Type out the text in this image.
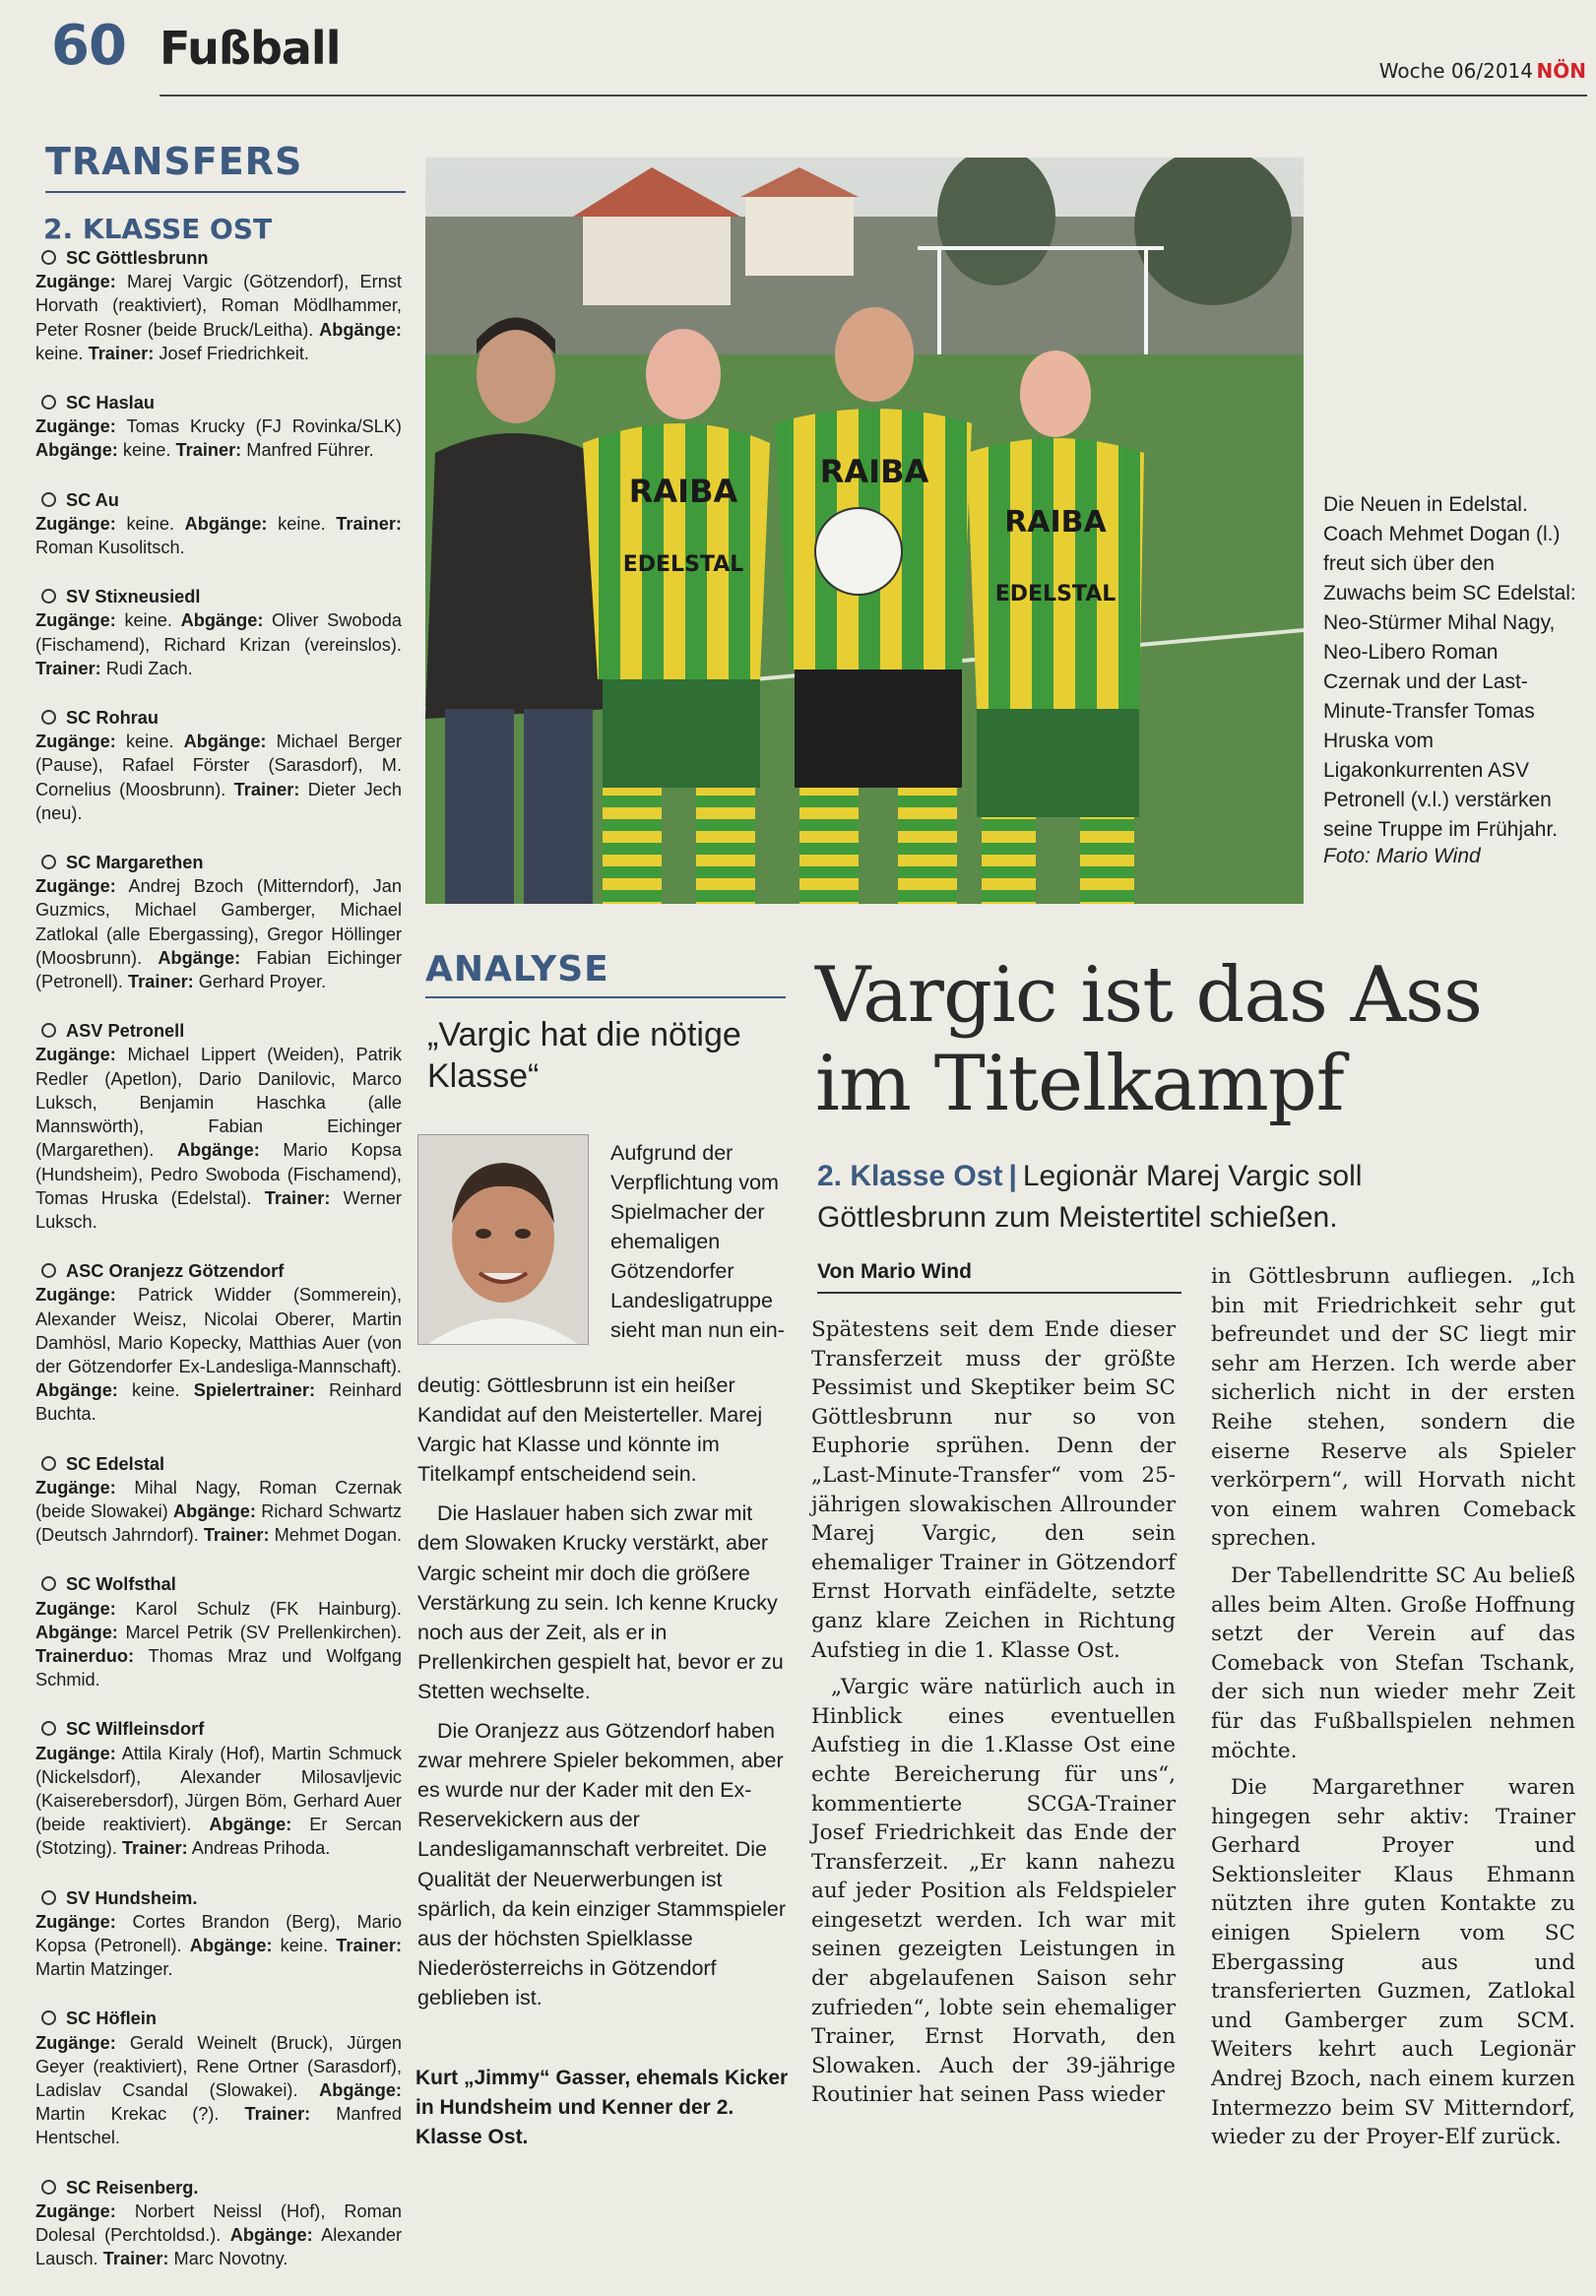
60 Fußball	Woche 06/2014 NÖN
TRANSFERS
2. KLASSE OST
SC Göttlesbrunn
Zugänge: Marej Vargic (Götzendorf), Ernst Horvath (reaktiviert), Roman Mödlhammer, Peter Rosner (beide Bruck/Leitha). Abgänge: keine. Trainer: Josef Friedrichkeit.
SC Haslau
Zugänge: Tomas Krucky (FJ Rovinka/SLK) Abgänge: keine. Trainer: Manfred Führer.
SC Au
Zugänge: keine. Abgänge: keine. Trainer: Roman Kusolitsch.
SV Stixneusiedl
Zugänge: keine. Abgänge: Oliver Swoboda (Fischamend), Richard Krizan (vereinslos). Trainer: Rudi Zach.
SC Rohrau
Zugänge: keine. Abgänge: Michael Berger (Pause), Rafael Förster (Sarasdorf), M. Cornelius (Moosbrunn). Trainer: Dieter Jech (neu).
SC Margarethen
Zugänge: Andrej Bzoch (Mitterndorf), Jan Guzmics, Michael Gamberger, Michael Zatlokal (alle Ebergassing), Gregor Höllinger (Moosbrunn). Abgänge: Fabian Eichinger (Petronell). Trainer: Gerhard Proyer.
ASV Petronell
Zugänge: Michael Lippert (Weiden), Patrik Redler (Apetlon), Dario Danilovic, Marco Luksch, Benjamin Haschka (alle Mannswörth), Fabian Eichinger (Margarethen). Abgänge: Mario Kopsa (Hundsheim), Pedro Swoboda (Fischamend), Tomas Hruska (Edelstal). Trainer: Werner Luksch.
ASC Oranjezz Götzendorf
Zugänge: Patrick Widder (Sommerein), Alexander Weisz, Nicolai Oberer, Martin Damhösl, Mario Kopecky, Matthias Auer (von der Götzendorfer Ex-Landesliga-Mannschaft). Abgänge: keine. Spielertrainer: Reinhard Buchta.
SC Edelstal
Zugänge: Mihal Nagy, Roman Czernak (beide Slowakei) Abgänge: Richard Schwartz (Deutsch Jahrndorf). Trainer: Mehmet Dogan.
SC Wolfsthal
Zugänge: Karol Schulz (FK Hainburg). Abgänge: Marcel Petrik (SV Prellenkirchen). Trainerduo: Thomas Mraz und Wolfgang Schmid.
SC Wilfleinsdorf
Zugänge: Attila Kiraly (Hof), Martin Schmuck (Nickelsdorf), Alexander Milosavljevic (Kaiserebersdorf), Jürgen Böm, Gerhard Auer (beide reaktiviert). Abgänge: Er Sercan (Stotzing). Trainer: Andreas Prihoda.
SV Hundsheim.
Zugänge: Cortes Brandon (Berg), Mario Kopsa (Petronell). Abgänge: keine. Trainer: Martin Matzinger.
SC Höflein
Zugänge: Gerald Weinelt (Bruck), Jürgen Geyer (reaktiviert), Rene Ortner (Sarasdorf), Ladislav Csandal (Slowakei). Abgänge: Martin Krekac (?). Trainer: Manfred Hentschel.
SC Reisenberg.
Zugänge: Norbert Neissl (Hof), Roman Dolesal (Perchtoldsd.). Abgänge: Alexander Lausch. Trainer: Marc Novotny.
RAIBA
EDELSTAL
RAIBA
RAIBA
EDELSTAL
Die Neuen in Edelstal. Coach Mehmet Dogan (l.) freut sich über den Zuwachs beim SC Edelstal: Neo-Stürmer Mihal Nagy, Neo-Libero Roman Czernak und der Last-Minute-Transfer Tomas Hruska vom Ligakonkurrenten ASV Petronell (v.l.) verstärken seine Truppe im Frühjahr.
Foto: Mario Wind
ANALYSE
„Vargic hat die nötige Klasse“
Aufgrund der Verpflichtung vom Spielmacher der ehemaligen Götzendorfer Landesligatruppe sieht man nun ein-

deutig: Göttlesbrunn ist ein heißer Kandidat auf den Meisterteller. Marej Vargic hat Klasse und könnte im Titelkampf entscheidend sein.

Die Haslauer haben sich zwar mit dem Slowaken Krucky verstärkt, aber Vargic scheint mir doch die größere Verstärkung zu sein. Ich kenne Krucky noch aus der Zeit, als er in Prellenkirchen gespielt hat, bevor er zu Stetten wechselte.

Die Oranjezz aus Götzendorf haben zwar mehrere Spieler bekommen, aber es wurde nur der Kader mit den Ex-Reservekickern aus der Landesligamannschaft verbreitet. Die Qualität der Neuerwerbungen ist spärlich, da kein einziger Stammspieler aus der höchsten Spielklasse Niederösterreichs in Götzendorf geblieben ist.

Kurt „Jimmy“ Gasser, ehemals Kicker in Hundsheim und Kenner der 2. Klasse Ost.
Vargic ist das Ass im Titelkampf
2. Klasse Ost | Legionär Marej Vargic soll Göttlesbrunn zum Meistertitel schießen.
Von Mario Wind

Spätestens seit dem Ende dieser Transferzeit muss der größte Pessimist und Skeptiker beim SC Göttlesbrunn nur so von Euphorie sprühen. Denn der „Last-Minute-Transfer“ vom 25-jährigen slowakischen Allrounder Marej Vargic, den sein ehemaliger Trainer in Götzendorf Ernst Horvath einfädelte, setzte ganz klare Zeichen in Richtung Aufstieg in die 1. Klasse Ost.

„Vargic wäre natürlich auch in Hinblick eines eventuellen Aufstieg in die 1.Klasse Ost eine echte Bereicherung für uns“, kommentierte SCGA-Trainer Josef Friedrichkeit das Ende der Transferzeit. „Er kann nahezu auf jeder Position als Feldspieler eingesetzt werden. Ich war mit seinen gezeigten Leistungen in der abgelaufenen Saison sehr zufrieden“, lobte sein ehemaliger Trainer, Ernst Horvath, den Slowaken. Auch der 39-jährige Routinier hat seinen Pass wieder

in Göttlesbrunn aufliegen. „Ich bin mit Friedrichkeit sehr gut befreundet und der SC liegt mir sehr am Herzen. Ich werde aber sicherlich nicht in der ersten Reihe stehen, sondern die eiserne Reserve als Spieler verkörpern“, will Horvath nicht von einem wahren Comeback sprechen.

Der Tabellendritte SC Au beließ alles beim Alten. Große Hoffnung setzt der Verein auf das Comeback von Stefan Tschank, der sich nun wieder mehr Zeit für das Fußballspielen nehmen möchte.

Die Margarethner waren hingegen sehr aktiv: Trainer Gerhard Proyer und Sektionsleiter Klaus Ehmann nützten ihre guten Kontakte zu einigen Spielern vom SC Ebergassing aus und transferierten Guzmen, Zatlokal und Gamberger zum SCM. Weiters kehrt auch Legionär Andrej Bzoch, nach einem kurzen Intermezzo beim SV Mitterndorf, wieder zu der Proyer-Elf zurück.
